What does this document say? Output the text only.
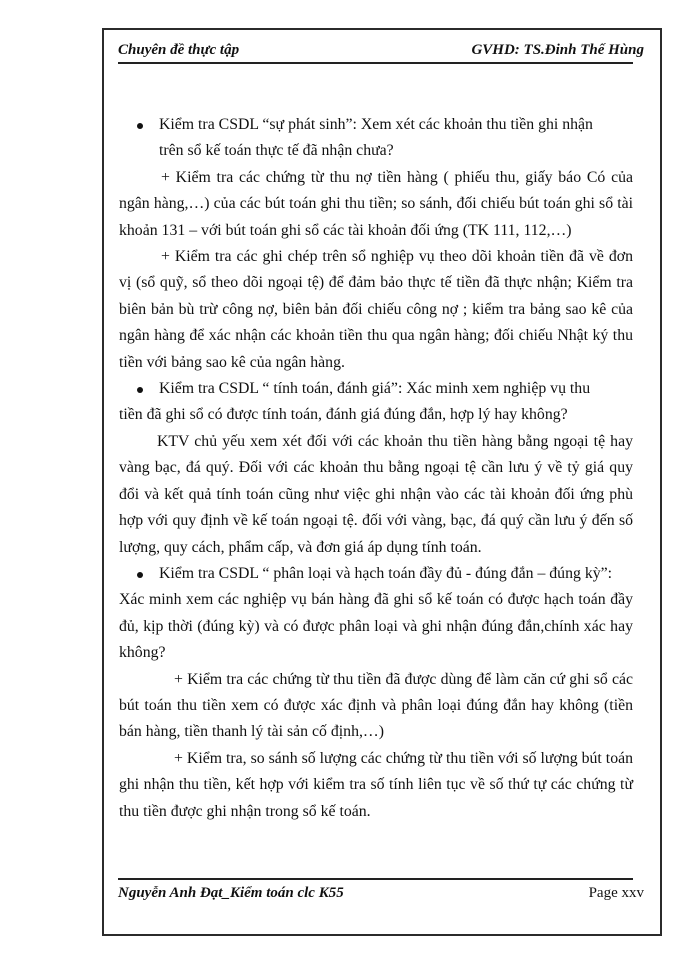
Chuyên đề thực tập	GVHD: TS.Đinh Thế Hùng

Kiểm tra CSDL “sự phát sinh”: Xem xét các khoản thu tiền ghi nhận

trên sổ kế toán thực tế đã nhận chưa?

+ Kiểm tra các chứng từ thu nợ tiền hàng ( phiếu thu, giấy báo Có của ngân hàng,…) của các bút toán ghi thu tiền; so sánh, đối chiếu bút toán ghi sổ tài khoản 131 – với bút toán ghi sổ các tài khoản đối ứng (TK 111, 112,…)

+ Kiểm tra các ghi chép trên sổ nghiệp vụ theo dõi khoản tiền đã về đơn vị (sổ quỹ, sổ theo dõi ngoại tệ) để đảm bảo thực tế tiền đã thực nhận; Kiểm tra biên bản bù trừ công nợ, biên bản đối chiếu công nợ ; kiểm tra bảng sao kê của ngân hàng để xác nhận các khoản tiền thu qua ngân hàng; đối chiếu Nhật ký thu tiền với bảng sao kê của ngân hàng.

Kiểm tra CSDL “ tính toán, đánh giá”: Xác minh xem nghiệp vụ thu

tiền đã ghi sổ có được tính toán, đánh giá đúng đắn, hợp lý hay không?

KTV chủ yếu xem xét đối với các khoản thu tiền hàng bằng ngoại tệ hay vàng bạc, đá quý. Đối với các khoản thu bằng ngoại tệ cần lưu ý về tỷ giá quy đổi và kết quả tính toán cũng như việc ghi nhận vào các tài khoản đối ứng phù hợp với quy định về kế toán ngoại tệ. đối với vàng, bạc, đá quý cần lưu ý đến số lượng, quy cách, phẩm cấp, và đơn giá áp dụng tính toán.

Kiểm tra CSDL “ phân loại và hạch toán đầy đủ - đúng đắn – đúng kỳ”:

Xác minh xem các nghiệp vụ bán hàng đã ghi sổ kế toán có được hạch toán đầy đủ, kịp thời (đúng kỳ) và có được phân loại và ghi nhận đúng đắn,chính xác hay không?

+ Kiểm tra các chứng từ thu tiền đã được dùng để làm căn cứ ghi sổ các bút toán thu tiền xem có được xác định và phân loại đúng đắn hay không (tiền bán hàng, tiền thanh lý tài sản cố định,…)

+ Kiểm tra, so sánh số lượng các chứng từ thu tiền với số lượng bút toán ghi nhận thu tiền, kết hợp với kiểm tra số tính liên tục về số thứ tự các chứng từ thu tiền được ghi nhận trong sổ kế toán.

Nguyễn Anh Đạt_Kiểm toán clc K55	Page xxv
